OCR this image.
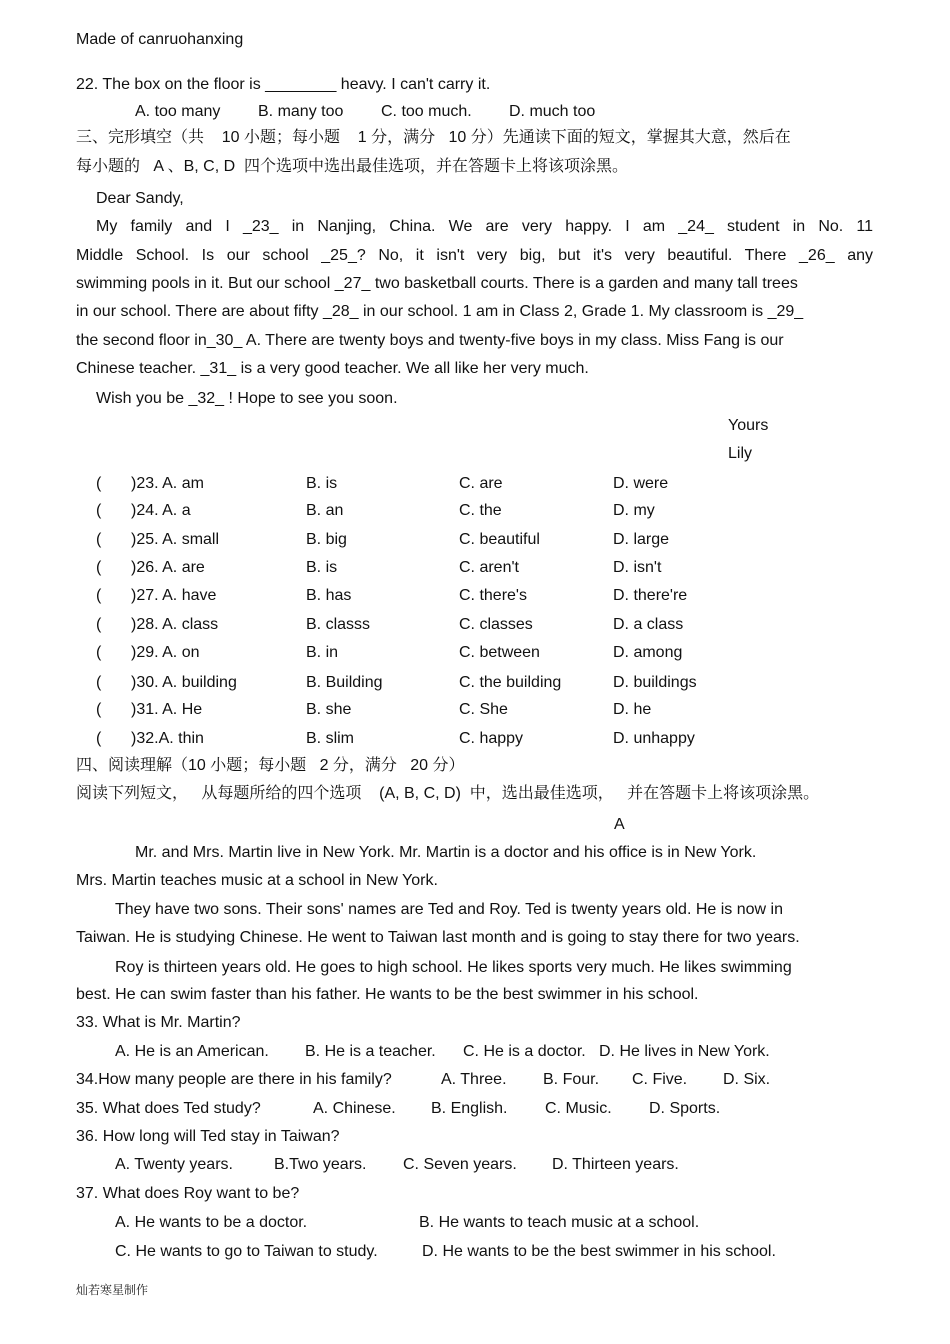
Made of canruohanxing
22. The box on the floor is ________ heavy. I can't carry it.
A. too many B. many too C. too much. D. much too
三、完形填空（共    10 小题；每小题    1 分，满分   10 分）先通读下面的短文，掌握其大意，然后在
每小题的   A 、B, C, D  四个选项中选出最佳选项，并在答题卡上将该项涂黑。
Dear Sandy,
My family and I _23_ in Nanjing, China. We are very happy. I am _24_ student in No. 11
Middle School. Is our school _25_? No, it isn't very big, but it's very beautiful. There _26_ any
swimming pools in it. But our school _27_ two basketball courts. There is a garden and many tall trees
in our school. There are about fifty _28_ in our school. 1 am in Class 2, Grade 1. My classroom is _29_
the second floor in_30_ A. There are twenty boys and twenty-five boys in my class. Miss Fang is our
Chinese teacher. _31_ is a very good teacher. We all like her very much.
Wish you be _32_ ! Hope to see you soon.
Yours
Lily
( )23. A. am	B. is	C. are	D. were
( )24. A. a	B. an	C. the	D. my
( )25. A. small	B. big	C. beautiful	D. large
( )26. A. are	B. is	C. aren't	D. isn't
( )27. A. have	B. has	C. there's	D. there're
( )28. A. class	B. classs	C. classes	D. a class
( )29. A. on	B. in	C. between	D. among
( )30. A. building	B. Building	C. the building	D. buildings
( )31. A. He	B. she	C. She	D. he
( )32.A. thin	B. slim	C. happy	D. unhappy
四、阅读理解（10 小题；每小题   2 分，满分   20 分）
阅读下列短文，   从每题所给的四个选项    (A, B, C, D)  中，选出最佳选项，   并在答题卡上将该项涂黑。
A
Mr. and Mrs. Martin live in New York. Mr. Martin is a doctor and his office is in New York.
Mrs. Martin teaches music at a school in New York.
They have two sons. Their sons' names are Ted and Roy. Ted is twenty years old. He is now in
Taiwan. He is studying Chinese. He went to Taiwan last month and is going to stay there for two years.
Roy is thirteen years old. He goes to high school. He likes sports very much. He likes swimming
best. He can swim faster than his father. He wants to be the best swimmer in his school.
33. What is Mr. Martin?
A. He is an American. B. He is a teacher. C. He is a doctor. D. He lives in New York.
34.How many people are there in his family?	A. Three. B. Four. C. Five. D. Six.
35. What does Ted study?	A. Chinese. B. English. C. Music. D. Sports.
36. How long will Ted stay in Taiwan?
A. Twenty years.	B.Two years. C. Seven years. D. Thirteen years.
37. What does Roy want to be?
A. He wants to be a doctor.	B. He wants to teach music at a school.
C. He wants to go to Taiwan to study.	D. He wants to be the best swimmer in his school.
灿若寒星制作
